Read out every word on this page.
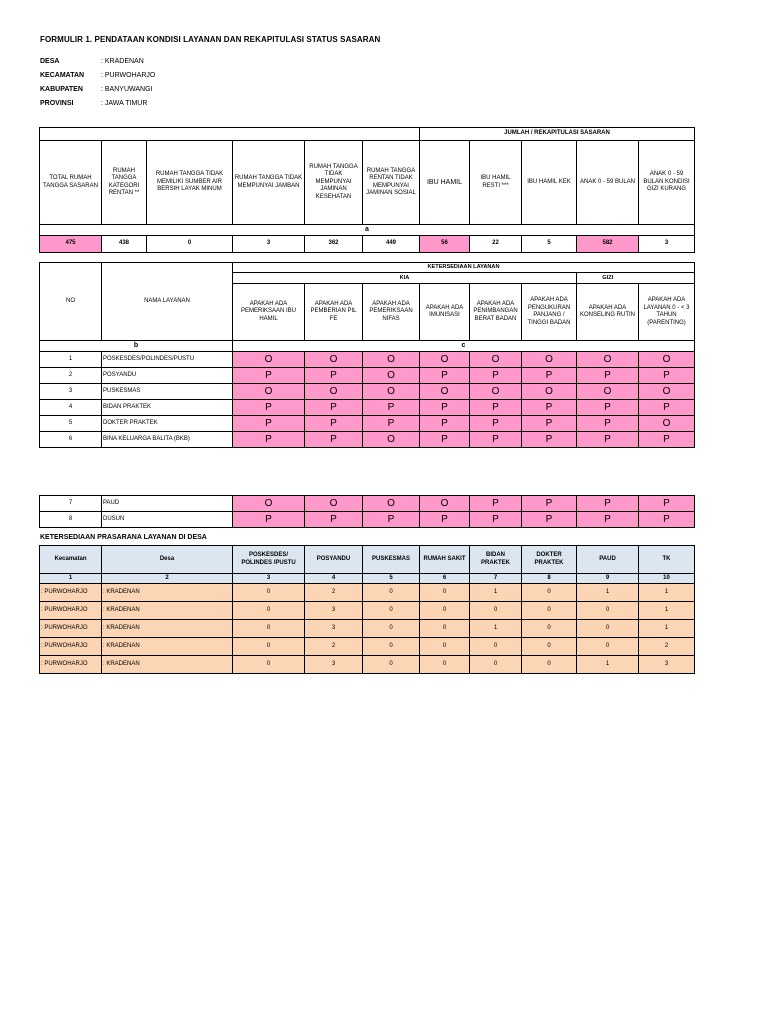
FORMULIR 1. PENDATAAN KONDISI LAYANAN DAN REKAPITULASI STATUS SASARAN
DESA	: KRADENAN
KECAMATAN	: PURWOHARJO
KABUPATEN	: BANYUWANGI
PROVINSI	: JAWA TIMUR
						JUMLAH / REKAPITULASI SASARAN				
TOTAL RUMAH TANGGA SASARAN	RUMAH TANGGA KATEGORI RENTAN **	RUMAH TANGGA TIDAK MEMILIKI SUMBER AIR BERSIH LAYAK MINUM	RUMAH TANGGA TIDAK MEMPUNYAI JAMBAN	RUMAH TANGGA TIDAK MEMPUNYAI JAMINAN KESEHATAN	RUMAH TANGGA RENTAN TIDAK MEMPUNYAI JAMINAN SOSIAL	IBU HAMIL	IBU HAMIL RESTI ***	IBU HAMIL KEK	ANAK 0 - 59 BULAN	ANAK 0 - 59 BULAN KONDISI GIZI KURANG
a										
475	438	0	3	362	449	56	22	5	582	3
NO	NAMA LAYANAN	KETERSEDIAAN LAYANAN							
		KIA						GIZI	
		APAKAH ADA PEMERIKSAAN IBU HAMIL	APAKAH ADA PEMBERIAN PIL FE	APAKAH ADA PEMERIKSAAN NIFAS	APAKAH ADA IMUNISASI	APAKAH ADA PENIMBANGAN BERAT BADAN	APAKAH ADA PENGUKURAN PANJANG / TINGGI BADAN	APAKAH ADA KONSELING RUTIN	APAKAH ADA LAYANAN 0 - < 3 TAHUN (PARENTING)
b		c							
1	POSKESDES/POLINDES/PUSTU	O	O	O	O	O	O	O	O
2	POSYANDU	P	P	O	P	P	P	P	P
3	PUSKESMAS	O	O	O	O	O	O	O	O
4	BIDAN PRAKTEK	P	P	P	P	P	P	P	P
5	DOKTER PRAKTEK	P	P	P	P	P	P	P	O
6	BINA KELUARGA BALITA (BKB)	P	P	O	P	P	P	P	P
7	PAUD	O	O	O	O	P	P	P	P
8	DUSUN	P	P	P	P	P	P	P	P
KETERSEDIAAN PRASARANA LAYANAN DI DESA
Kecamatan	Desa	POSKESDES/ POLINDES /PUSTU	POSYANDU	PUSKESMAS	RUMAH SAKIT	BIDAN PRAKTEK	DOKTER PRAKTEK	PAUD	TK
1	2	3	4	5	6	7	8	9	10
: PURWOHARJO	: KRADENAN	0	2	0	0	1	0	1	1
: PURWOHARJO	: KRADENAN	0	3	0	0	0	0	0	1
: PURWOHARJO	: KRADENAN	0	3	0	0	1	0	0	1
: PURWOHARJO	: KRADENAN	0	2	0	0	0	0	0	2
: PURWOHARJO	: KRADENAN	0	3	0	0	0	0	1	3
